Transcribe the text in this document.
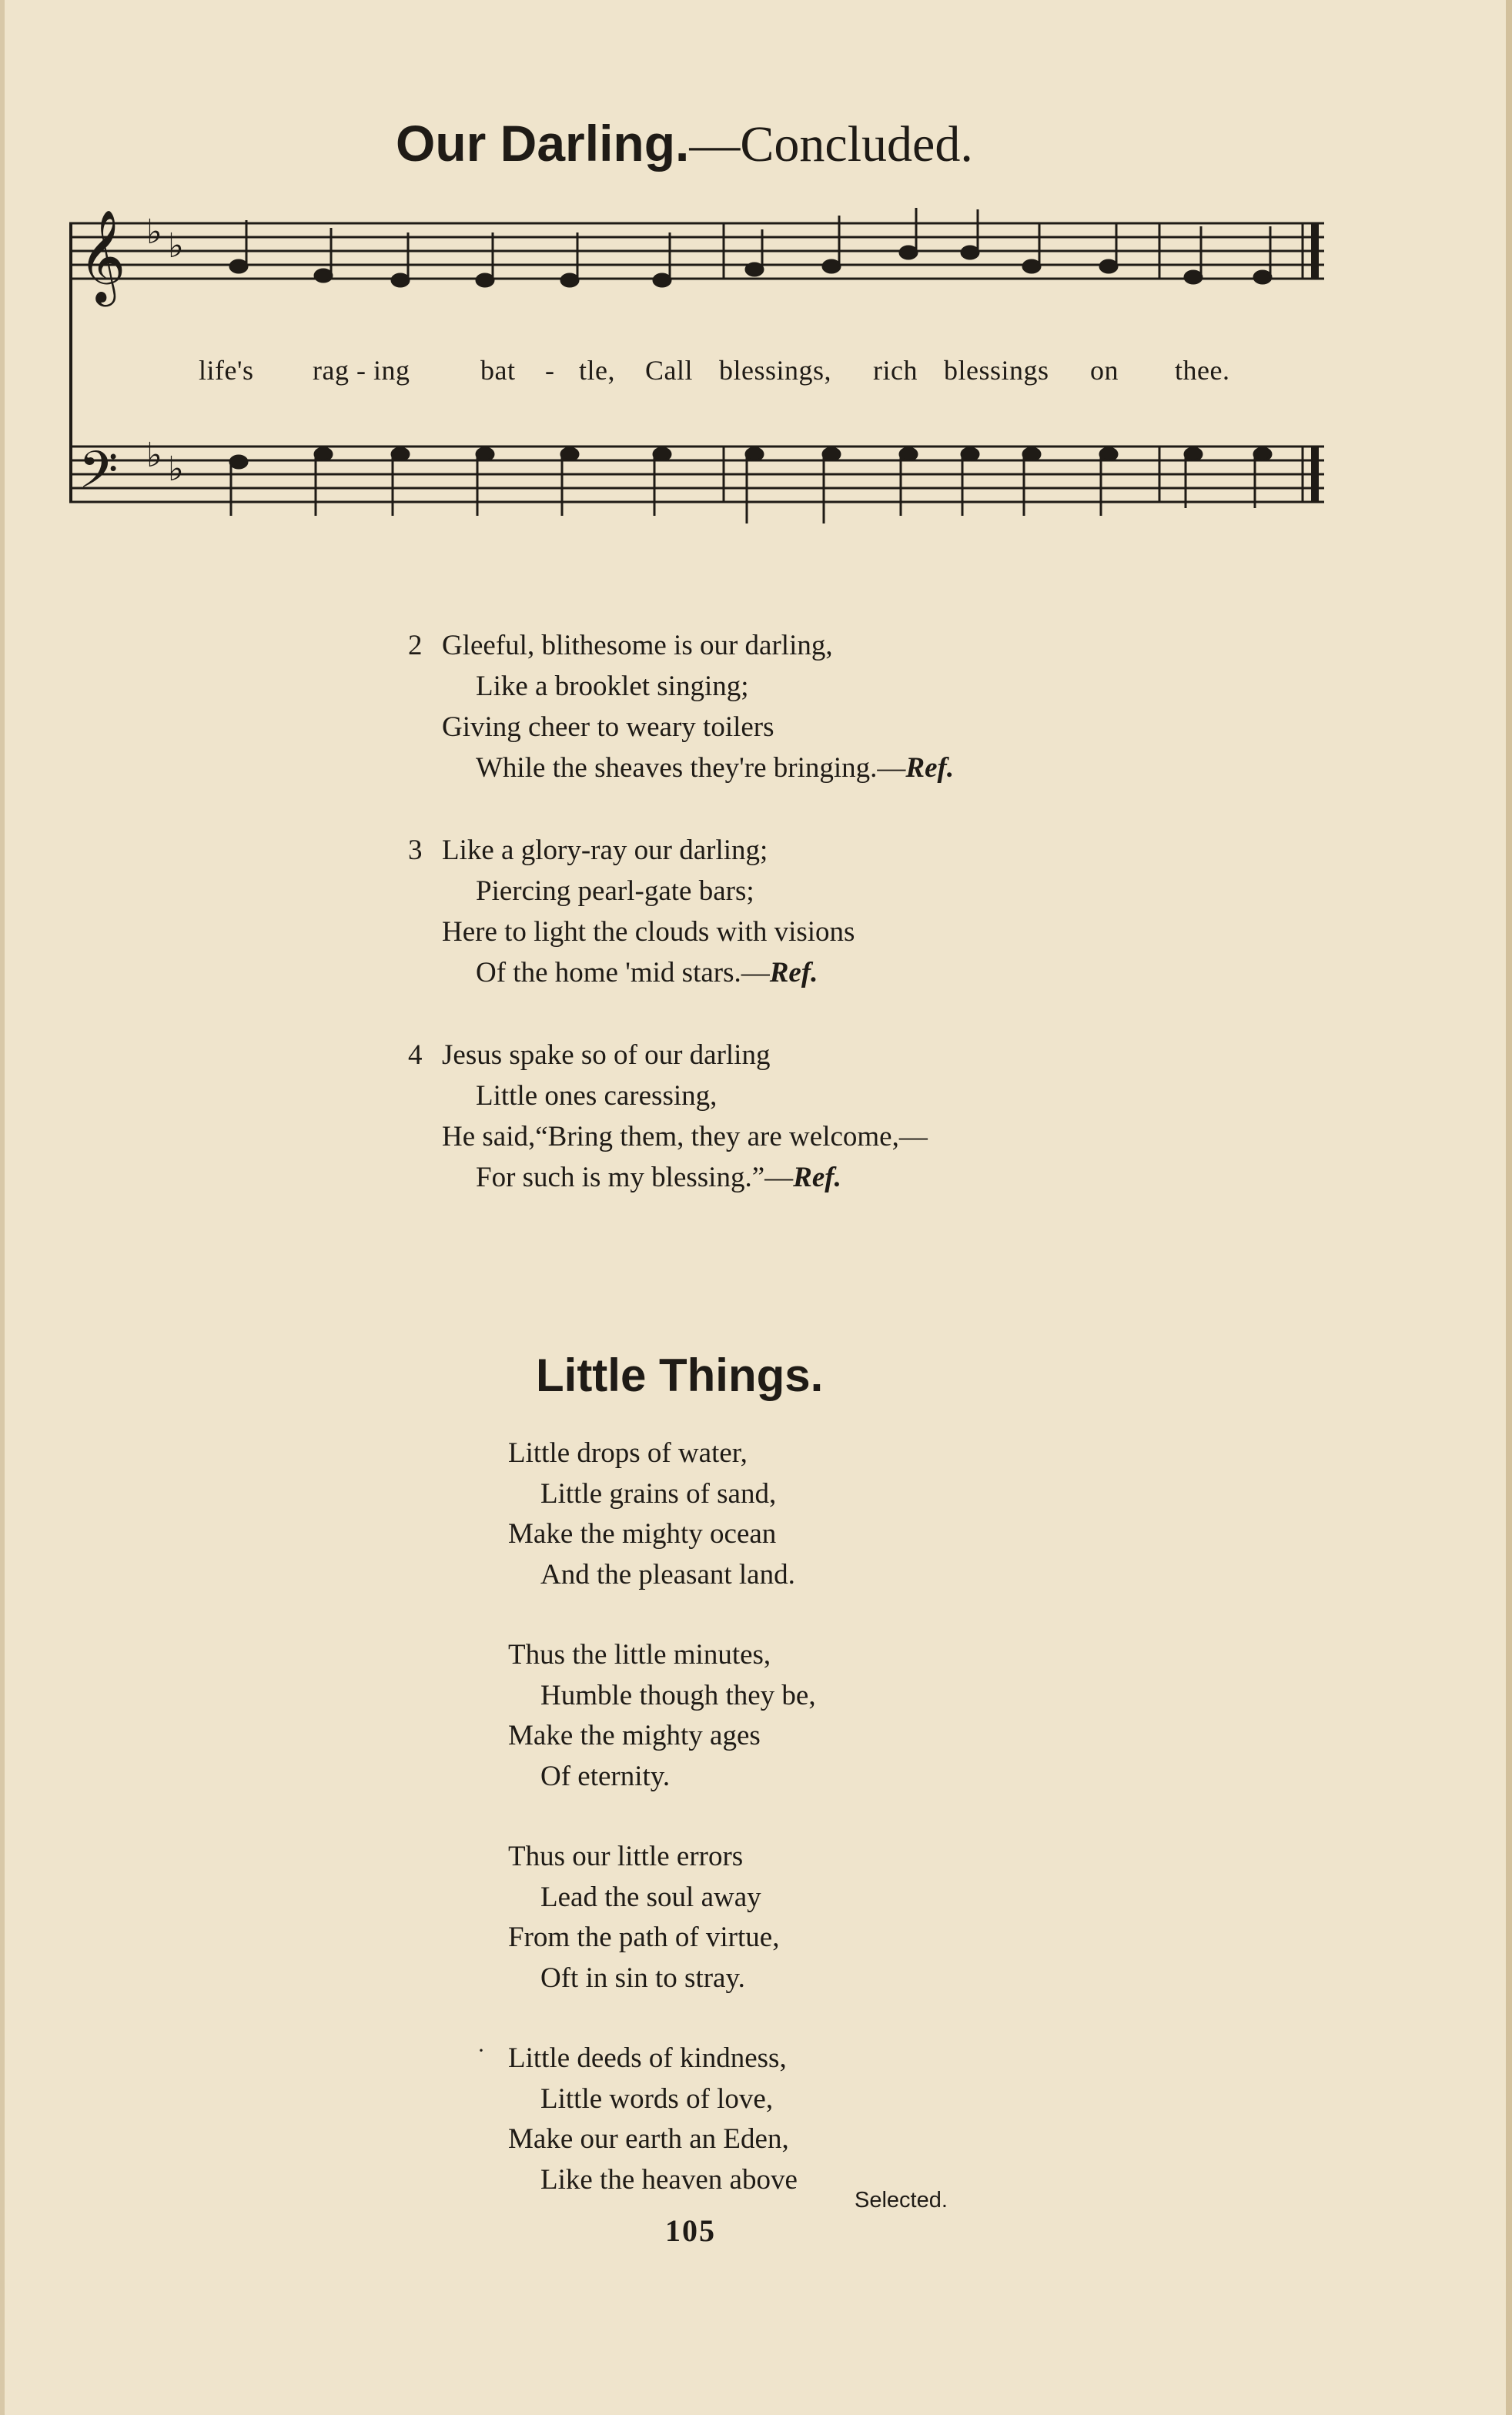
Our Darling.—Concluded.
𝄞
𝄢
♭ ♭
♭ ♭
life's rag - ing	bat - tle, Call blessings, rich blessings on thee.
2 Gleeful, blithesome is our darling,
Like a brooklet singing;
Giving cheer to weary toilers
While the sheaves they're bringing.—Ref.
3 Like a glory-ray our darling;
Piercing pearl-gate bars;
Here to light the clouds with visions
Of the home 'mid stars.—Ref.
4 Jesus spake so of our darling
Little ones caressing,
He said,“Bring them, they are welcome,—
For such is my blessing.”—Ref.
Little Things.
Little drops of water,
Little grains of sand,
Make the mighty ocean
And the pleasant land.
Thus the little minutes,
Humble though they be,
Make the mighty ages
Of eternity.
Thus our little errors
Lead the soul away
From the path of virtue,
Oft in sin to stray.
Little deeds of kindness,
Little words of love,
Make our earth an Eden,
Like the heaven above
·
Selected.
105
